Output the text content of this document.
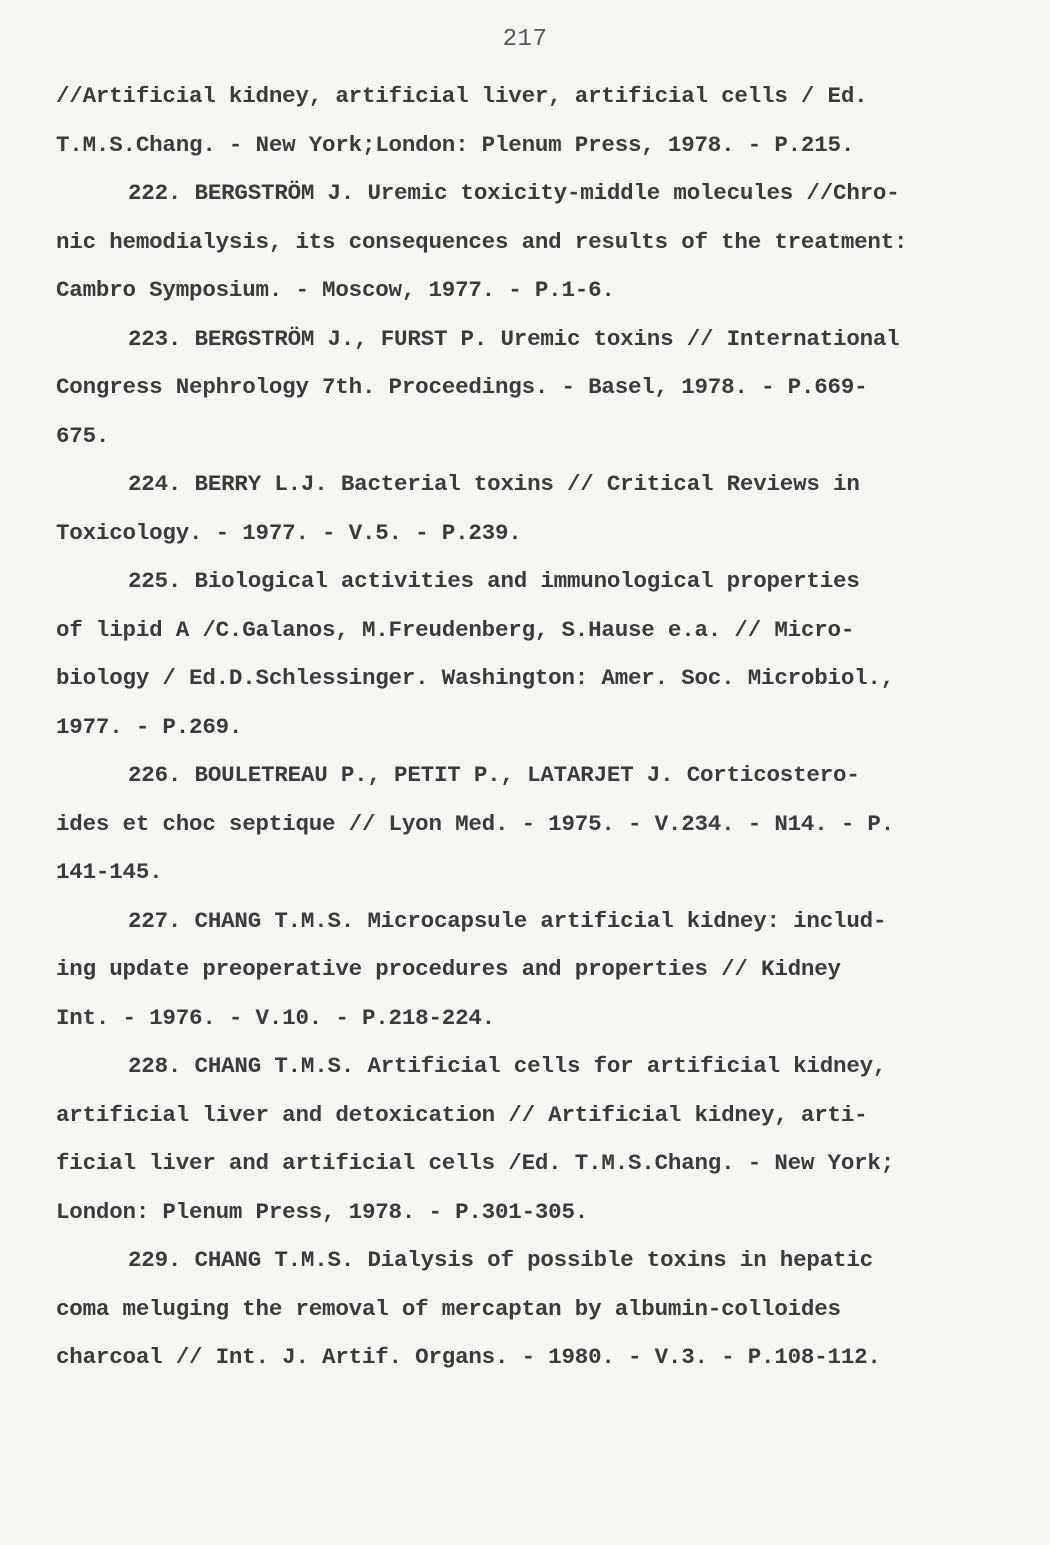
217
//Artificial kidney, artificial liver, artificial cells / Ed.
T.M.S.Chang. - New York;London: Plenum Press, 1978. - P.215.
222. BERGSTRÖM J. Uremic toxicity-middle molecules //Chro-
nic hemodialysis, its consequences and results of the treatment:
Cambro Symposium. - Moscow, 1977. - P.1-6.
223. BERGSTRÖM J., FURST P. Uremic toxins // International
Congress Nephrology 7th. Proceedings. - Basel, 1978. - P.669-
675.
224. BERRY L.J. Bacterial toxins // Critical Reviews in
Toxicology. - 1977. - V.5. - P.239.
225. Biological activities and immunological properties
of lipid A /C.Galanos, M.Freudenberg, S.Hause e.a. // Micro-
biology / Ed.D.Schlessinger. Washington: Amer. Soc. Microbiol.,
1977. - P.269.
226. BOULETREAU P., PETIT P., LATARJET J. Corticostero-
ides et choc septique // Lyon Med. - 1975. - V.234. - N14. - P.
141-145.
227. CHANG T.M.S. Microcapsule artificial kidney: includ-
ing update preoperative procedures and properties // Kidney
Int. - 1976. - V.10. - P.218-224.
228. CHANG T.M.S. Artificial cells for artificial kidney,
artificial liver and detoxication // Artificial kidney, arti-
ficial liver and artificial cells /Ed. T.M.S.Chang. - New York;
London: Plenum Press, 1978. - P.301-305.
229. CHANG T.M.S. Dialysis of possible toxins in hepatic
coma meluging the removal of mercaptan by albumin-colloides
charcoal // Int. J. Artif. Organs. - 1980. - V.3. - P.108-112.
